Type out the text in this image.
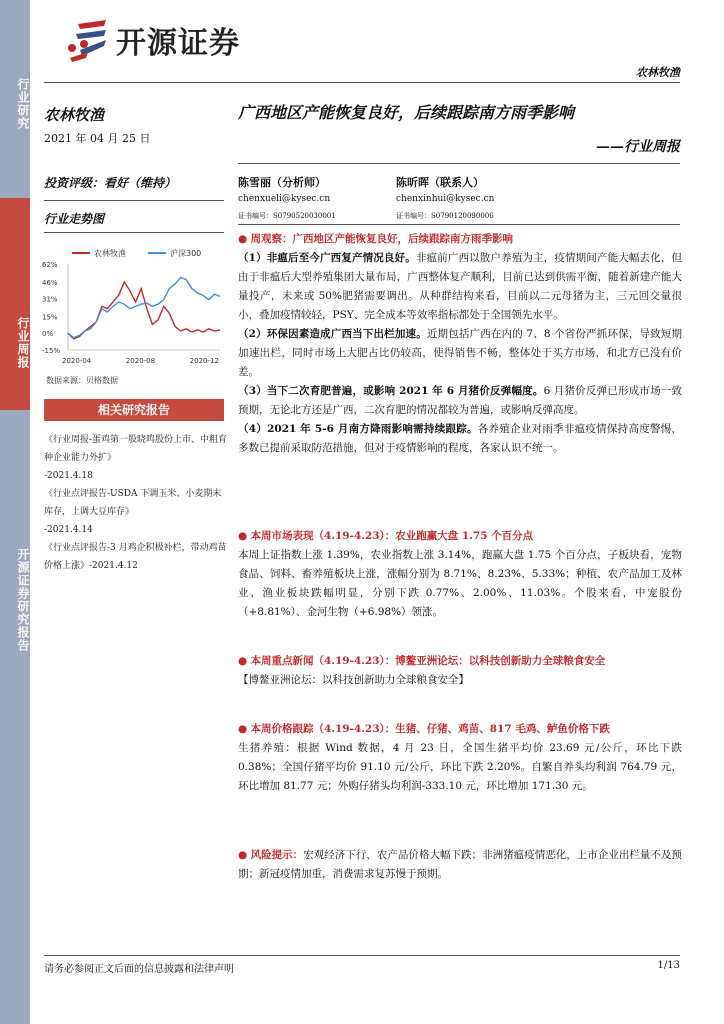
行业研究
行业周报
开源证券研究报告
开源证券
农林牧渔
农林牧渔
2021 年 04 月 25 日
投资评级：看好（维持）
行业走势图
农林牧渔	沪深300
62%
46%
31%
15%
0%
-15%
2020-04	2020-08	2020-12
数据来源：贝格数据
相关研究报告
《行业周报-蛋鸡第一股晓鸣股份上市、中粗育种企业能力外扩》
-2021.4.18
《行业点评报告-USDA 下调玉米、小麦期末库存，上调大豆库存》
-2021.4.14
《行业点评报告-3 月鸡企积极补栏，带动鸡苗价格上涨》-2021.4.12
广西地区产能恢复良好，后续跟踪南方雨季影响
——行业周报
陈雪丽（分析师）
chenxueli@kysec.cn
证书编号：S0790520030001
陈昕晖（联系人）
chenxinhui@kysec.cn
证书编号：S0790120090006
● 周观察：广西地区产能恢复良好，后续跟踪南方雨季影响
（1）非瘟后至今广西复产情况良好。非瘟前广西以散户养殖为主，疫情期间产能大幅去化，但由于非瘟后大型养殖集团大量布局，广西整体复产顺利，目前已达到供需平衡，随着新建产能大量投产，未来或 50%肥猪需要调出。从种群结构来看，目前以二元母猪为主，三元回交量很小，叠加疫情较轻，PSY、完全成本等效率指标都处于全国领先水平。
（2）环保因素造成广西当下出栏加速。近期包括广西在内的 7、8 个省份严抓环保，导致短期加速出栏，同时市场上大肥占比仍较高，使得销售不畅，整体处于买方市场，和北方已没有价差。
（3）当下二次育肥普遍，或影响 2021 年 6 月猪价反弹幅度。6 月猪价反弹已形成市场一致预期，无论北方还是广西，二次育肥的情况都较为普遍，或影响反弹高度。
（4）2021 年 5-6 月南方降雨影响需持续跟踪。各养殖企业对雨季非瘟疫情保持高度警惕，多数已提前采取防范措施，但对于疫情影响的程度，各家认识不统一。
● 本周市场表现（4.19-4.23）：农业跑赢大盘 1.75 个百分点
本周上证指数上涨 1.39%，农业指数上涨 3.14%，跑赢大盘 1.75 个百分点，子板块看，宠物食品、饲料、畜养殖板块上涨，涨幅分别为 8.71%、8.23%、5.33%；种植、农产品加工及林业、渔业板块跌幅明显，分别下跌 0.77%、2.00%、11.03%。个股来看，中宠股份（+8.81%）、金河生物（+6.98%）领涨。
● 本周重点新闻（4.19-4.23）：博鳌亚洲论坛：以科技创新助力全球粮食安全
【博鳌亚洲论坛：以科技创新助力全球粮食安全】
● 本周价格跟踪（4.19-4.23）：生猪、仔猪、鸡苗、817 毛鸡、鲈鱼价格下跌
生猪养殖：根据 Wind 数据，4 月 23 日，全国生猪平均价 23.69 元/公斤，环比下跌 0.38%；全国仔猪平均价 91.10 元/公斤，环比下跌 2.20%。自繁自养头均利润 764.79 元，环比增加 81.77 元；外购仔猪头均利润-333.10 元，环比增加 171.30 元。
● 风险提示：宏观经济下行，农产品价格大幅下跌；非洲猪瘟疫情恶化，上市企业出栏量不及预期；新冠疫情加重，消费需求复苏慢于预期。
请务必参阅正文后面的信息披露和法律声明	1/13
